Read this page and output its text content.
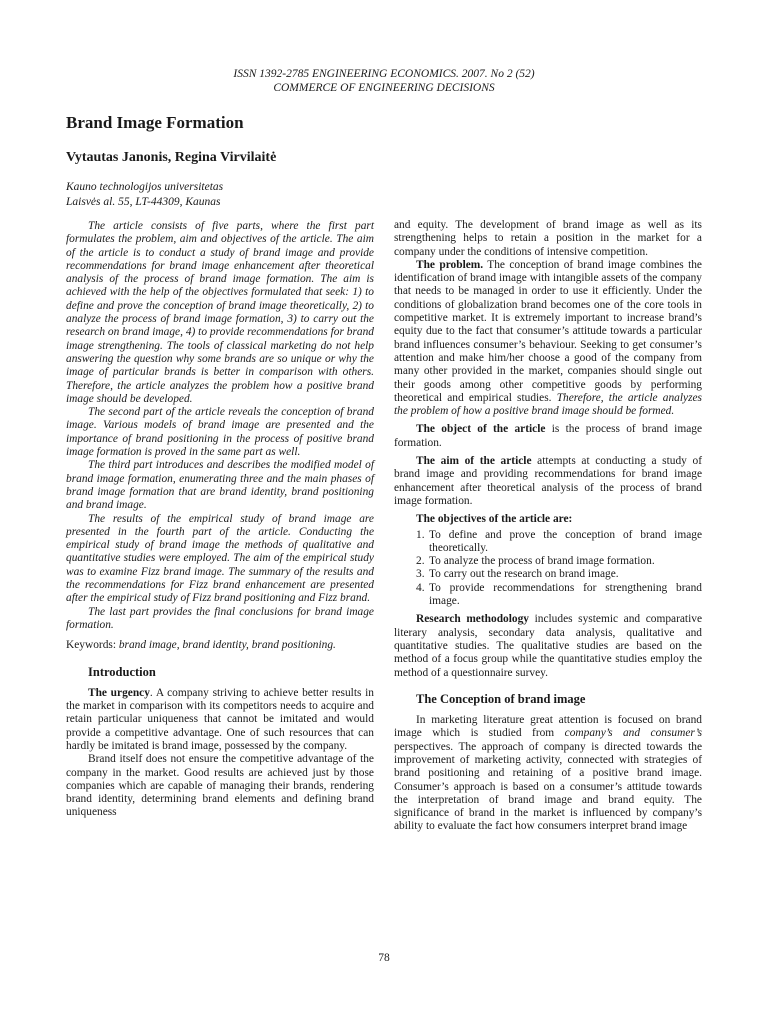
ISSN 1392-2785 ENGINEERING ECONOMICS. 2007. No 2 (52)
COMMERCE OF ENGINEERING DECISIONS
Brand Image Formation
Vytautas Janonis, Regina Virvilaitė
Kauno technologijos universitetas
Laisvės al. 55, LT-44309, Kaunas

The article consists of five parts, where the first part formulates the problem, aim and objectives of the article. The aim of the article is to conduct a study of brand image and provide recommendations for brand image enhancement after theoretical analysis of the process of brand image formation. The aim is achieved with the help of the objectives formulated that seek: 1) to define and prove the conception of brand image theoretically, 2) to analyze the process of brand image formation, 3) to carry out the research on brand image, 4) to provide recommendations for brand image strengthening. The tools of classical marketing do not help answering the question why some brands are so unique or why the image of particular brands is better in comparison with others. Therefore, the article analyzes the problem how a positive brand image should be developed.

The second part of the article reveals the conception of brand image. Various models of brand image are presented and the importance of brand positioning in the process of positive brand image formation is proved in the same part as well.

The third part introduces and describes the modified model of brand image formation, enumerating three and the main phases of brand image formation that are brand identity, brand positioning and brand image.

The results of the empirical study of brand image are presented in the fourth part of the article. Conducting the empirical study of brand image the methods of qualitative and quantitative studies were employed. The aim of the empirical study was to examine Fizz brand image. The summary of the results and the recommendations for Fizz brand enhancement are presented after the empirical study of Fizz brand positioning and Fizz brand.

The last part provides the final conclusions for brand image formation.

Keywords: brand image, brand identity, brand positioning.

Introduction

The urgency. A company striving to achieve better results in the market in comparison with its competitors needs to acquire and retain particular uniqueness that cannot be imitated and would provide a competitive advantage. One of such resources that can hardly be imitated is brand image, possessed by the company.

Brand itself does not ensure the competitive advantage of the company in the market. Good results are achieved just by those companies which are capable of managing their brands, rendering brand identity, determining brand elements and defining brand uniqueness

and equity. The development of brand image as well as its strengthening helps to retain a position in the market for a company under the conditions of intensive competition.

The problem. The conception of brand image combines the identification of brand image with intangible assets of the company that needs to be managed in order to use it efficiently. Under the conditions of globalization brand becomes one of the core tools in competitive market. It is extremely important to increase brand’s equity due to the fact that consumer’s attitude towards a particular brand influences consumer’s behaviour. Seeking to get consumer’s attention and make him/her choose a good of the company from many other provided in the market, companies should single out their goods among other competitive goods by performing theoretical and empirical studies. Therefore, the article analyzes the problem of how a positive brand image should be formed.

The object of the article is the process of brand image formation.

The aim of the article attempts at conducting a study of brand image and providing recommendations for brand image enhancement after theoretical analysis of the process of brand image formation.

The objectives of the article are:

1. To define and prove the conception of brand image theoretically.
2. To analyze the process of brand image formation.
3. To carry out the research on brand image.
4. To provide recommendations for strengthening brand image.

Research methodology includes systemic and comparative literary analysis, secondary data analysis, qualitative and quantitative studies. The qualitative studies are based on the method of a focus group while the quantitative studies employ the method of a questionnaire survey.

The Conception of brand image

In marketing literature great attention is focused on brand image which is studied from company’s and consumer’s perspectives. The approach of company is directed towards the improvement of marketing activity, connected with strategies of brand positioning and retaining of a positive brand image. Consumer’s approach is based on a consumer’s attitude towards the interpretation of brand image and brand equity. The significance of brand in the market is influenced by company’s ability to evaluate the fact how consumers interpret brand image

78
